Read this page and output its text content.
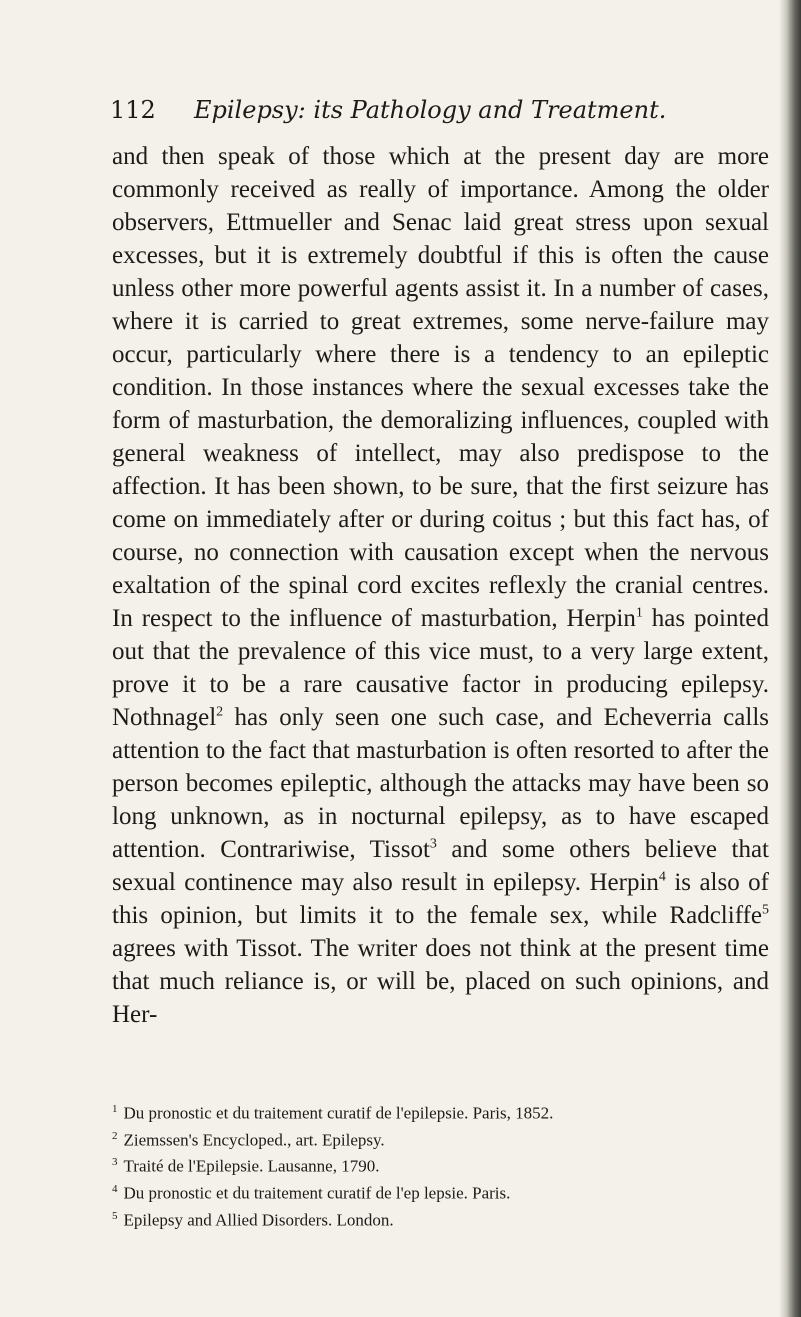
112 Epilepsy: its Pathology and Treatment.
and then speak of those which at the present day are more commonly received as really of importance. Among the older observers, Ettmueller and Senac laid great stress upon sexual excesses, but it is extremely doubtful if this is often the cause unless other more powerful agents assist it. In a number of cases, where it is carried to great extremes, some nerve-failure may occur, particularly where there is a tendency to an epileptic condition. In those instances where the sexual excesses take the form of masturbation, the demoralizing influences, coupled with general weakness of intellect, may also predispose to the affection. It has been shown, to be sure, that the first seizure has come on immediately after or during coitus ; but this fact has, of course, no connection with causation except when the nervous exaltation of the spinal cord excites reflexly the cranial centres. In respect to the influence of masturbation, Herpin$^1$ has pointed out that the prevalence of this vice must, to a very large extent, prove it to be a rare causative factor in producing epilepsy. Nothnagel$^2$ has only seen one such case, and Echeverria calls attention to the fact that masturbation is often resorted to after the person becomes epileptic, although the attacks may have been so long unknown, as in nocturnal epilepsy, as to have escaped attention. Contrariwise, Tissot$^3$ and some others believe that sexual continence may also result in epilepsy. Herpin$^4$ is also of this opinion, but limits it to the female sex, while Radcliffe$^5$ agrees with Tissot. The writer does not think at the present time that much reliance is, or will be, placed on such opinions, and Her-
$^1$ Du pronostic et du traitement curatif de l'epilepsie. Paris, 1852.
$^2$ Ziemssen's Encycloped., art. Epilepsy.
$^3$ Traité de l'Epilepsie. Lausanne, 1790.
$^4$ Du pronostic et du traitement curatif de l'ep lepsie. Paris.
$^5$ Epilepsy and Allied Disorders. London.
